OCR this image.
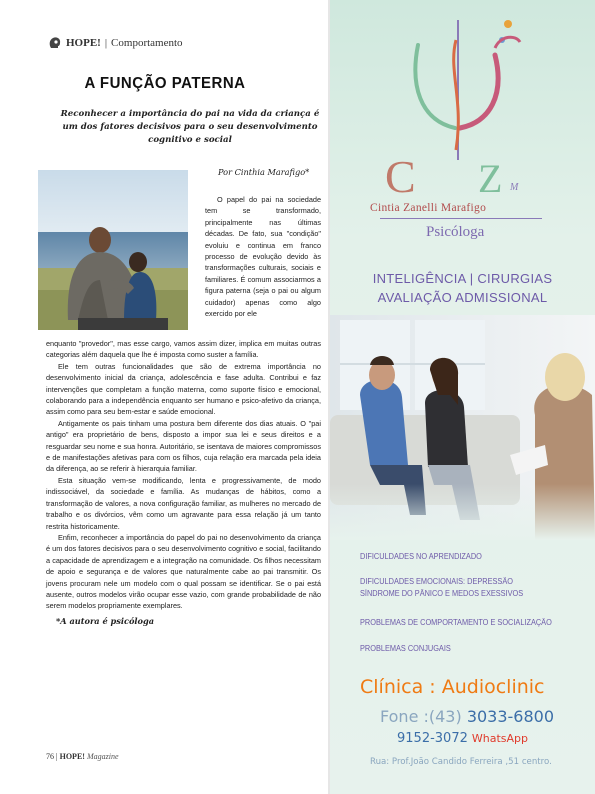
HOPE! | Comportamento
A FUNÇÃO PATERNA
Reconhecer a importância do pai na vida da criança é um dos fatores decisivos para o seu desenvolvimento cognitivo e social
Por Cinthia Marafigo*

O papel do pai na sociedade tem se transformado, principalmente nas últimas décadas. De fato, sua "condição" evoluiu e continua em franco processo de evolução devido às transformações culturais, sociais e familiares. É comum associarmos a figura paterna (seja o pai ou algum cuidador) apenas como algo exercido por ele

enquanto "provedor", mas esse cargo, vamos assim dizer, implica em muitas outras categorias além daquela que lhe é imposta como suster a família.

Ele tem outras funcionalidades que são de extrema importância no desenvolvimento inicial da criança, adolescência e fase adulta. Contribui e faz intervenções que completam a função materna, como suporte físico e emocional, colaborando para a independência enquanto ser humano e psico-afetivo da criança, assim como para seu bem-estar e saúde emocional.

Antigamente os pais tinham uma postura bem diferente dos dias atuais. O "pai antigo" era proprietário de bens, disposto a impor sua lei e seus direitos e a resguardar seu nome e sua honra. Autoritário, se isentava de maiores compromissos e de manifestações afetivas para com os filhos, cuja relação era marcada pela ideia da diferença, ao se referir à hierarquia familiar.

Esta situação vem-se modificando, lenta e progressivamente, de modo indissociável, da sociedade e família. As mudanças de hábitos, como a transformação de valores, a nova configuração familiar, as mulheres no mercado de trabalho e os divórcios, vêm como um agravante para essa relação já um tanto restrita historicamente.

Enfim, reconhecer a importância do papel do pai no desenvolvimento da criança é um dos fatores decisivos para o seu desenvolvimento cognitivo e social, facilitando a capacidade de aprendizagem e a integração na comunidade. Os filhos necessitam de apoio e segurança e de valores que naturalmente cabe ao pai transmitir. Os jovens procuram nele um modelo com o qual possam se identificar. Se o pai está ausente, outros modelos virão ocupar esse vazio, com grande probabilidade de não serem modelos propriamente exemplares.

*A autora é psicóloga
76 | HOPE! Magazine
C Z M
Cintia Zanelli Marafigo
Psicóloga
INTELIGÊNCIA | CIRURGIAS
AVALIAÇÃO ADMISSIONAL
DIFICULDADES NO APRENDIZADO
DIFICULDADES EMOCIONAIS: DEPRESSÃO
SÍNDROME DO PÂNICO E MEDOS EXESSIVOS
PROBLEMAS DE COMPORTAMENTO E SOCIALIZAÇÃO
PROBLEMAS CONJUGAIS
Clínica : Audioclinic
Fone :(43) 3033-6800
9152-3072 WhatsApp
Rua: Prof.João Candido Ferreira ,51 centro.
